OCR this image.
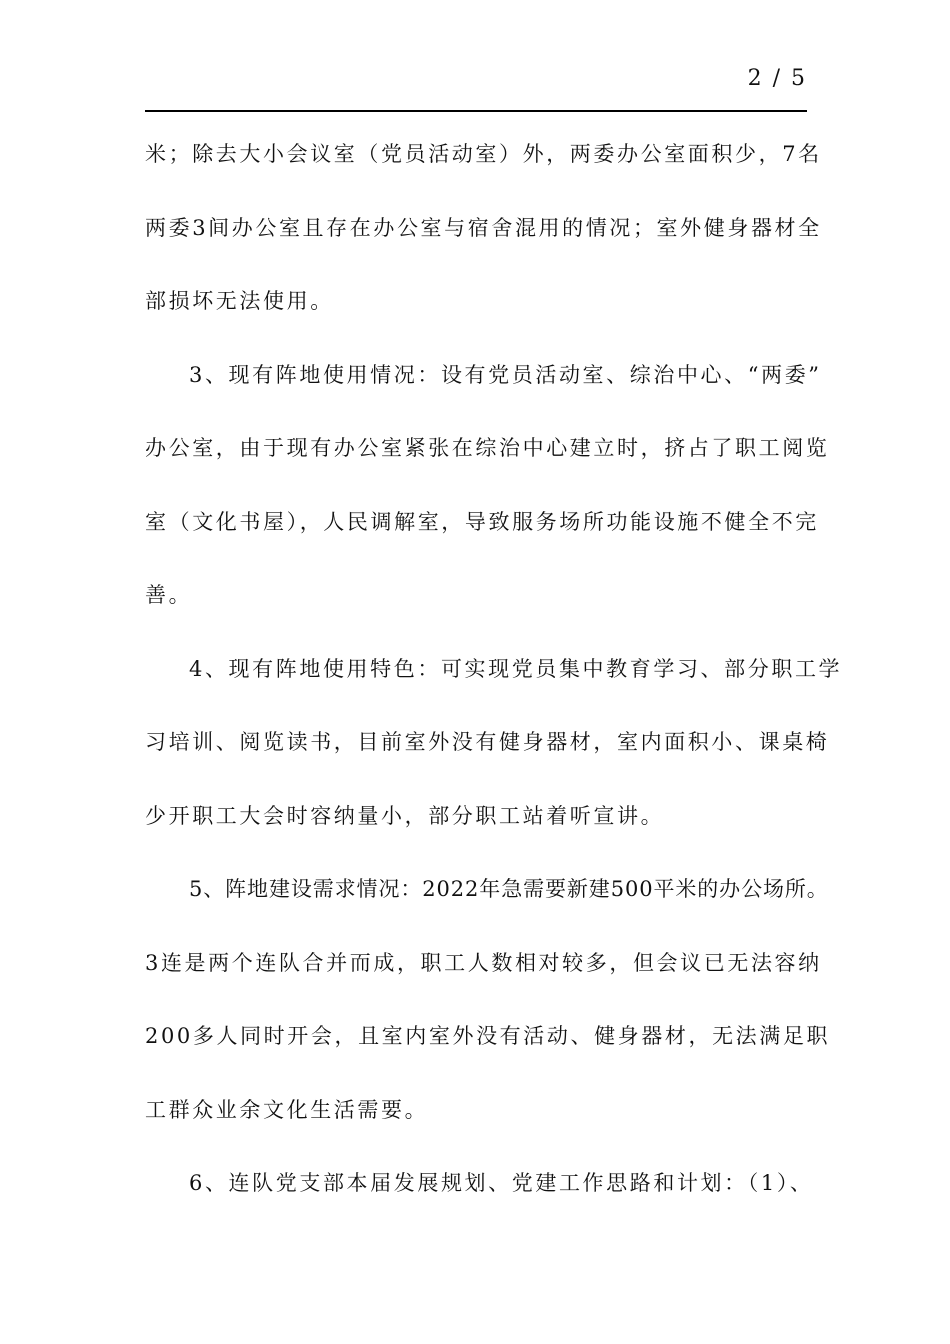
2 / 5
米；除去大小会议室（党员活动室）外，两委办公室面积少，7名
两委3间办公室且存在办公室与宿舍混用的情况；室外健身器材全
部损坏无法使用。
3、现有阵地使用情况：设有党员活动室、综治中心、“两委”
办公室，由于现有办公室紧张在综治中心建立时，挤占了职工阅览
室（文化书屋），人民调解室，导致服务场所功能设施不健全不完
善。
4、现有阵地使用特色：可实现党员集中教育学习、部分职工学
习培训、阅览读书，目前室外没有健身器材，室内面积小、课桌椅
少开职工大会时容纳量小，部分职工站着听宣讲。
5、阵地建设需求情况：2022年急需要新建500平米的办公场所。
3连是两个连队合并而成，职工人数相对较多，但会议已无法容纳
200多人同时开会，且室内室外没有活动、健身器材，无法满足职
工群众业余文化生活需要。
6、连队党支部本届发展规划、党建工作思路和计划：（1）、
